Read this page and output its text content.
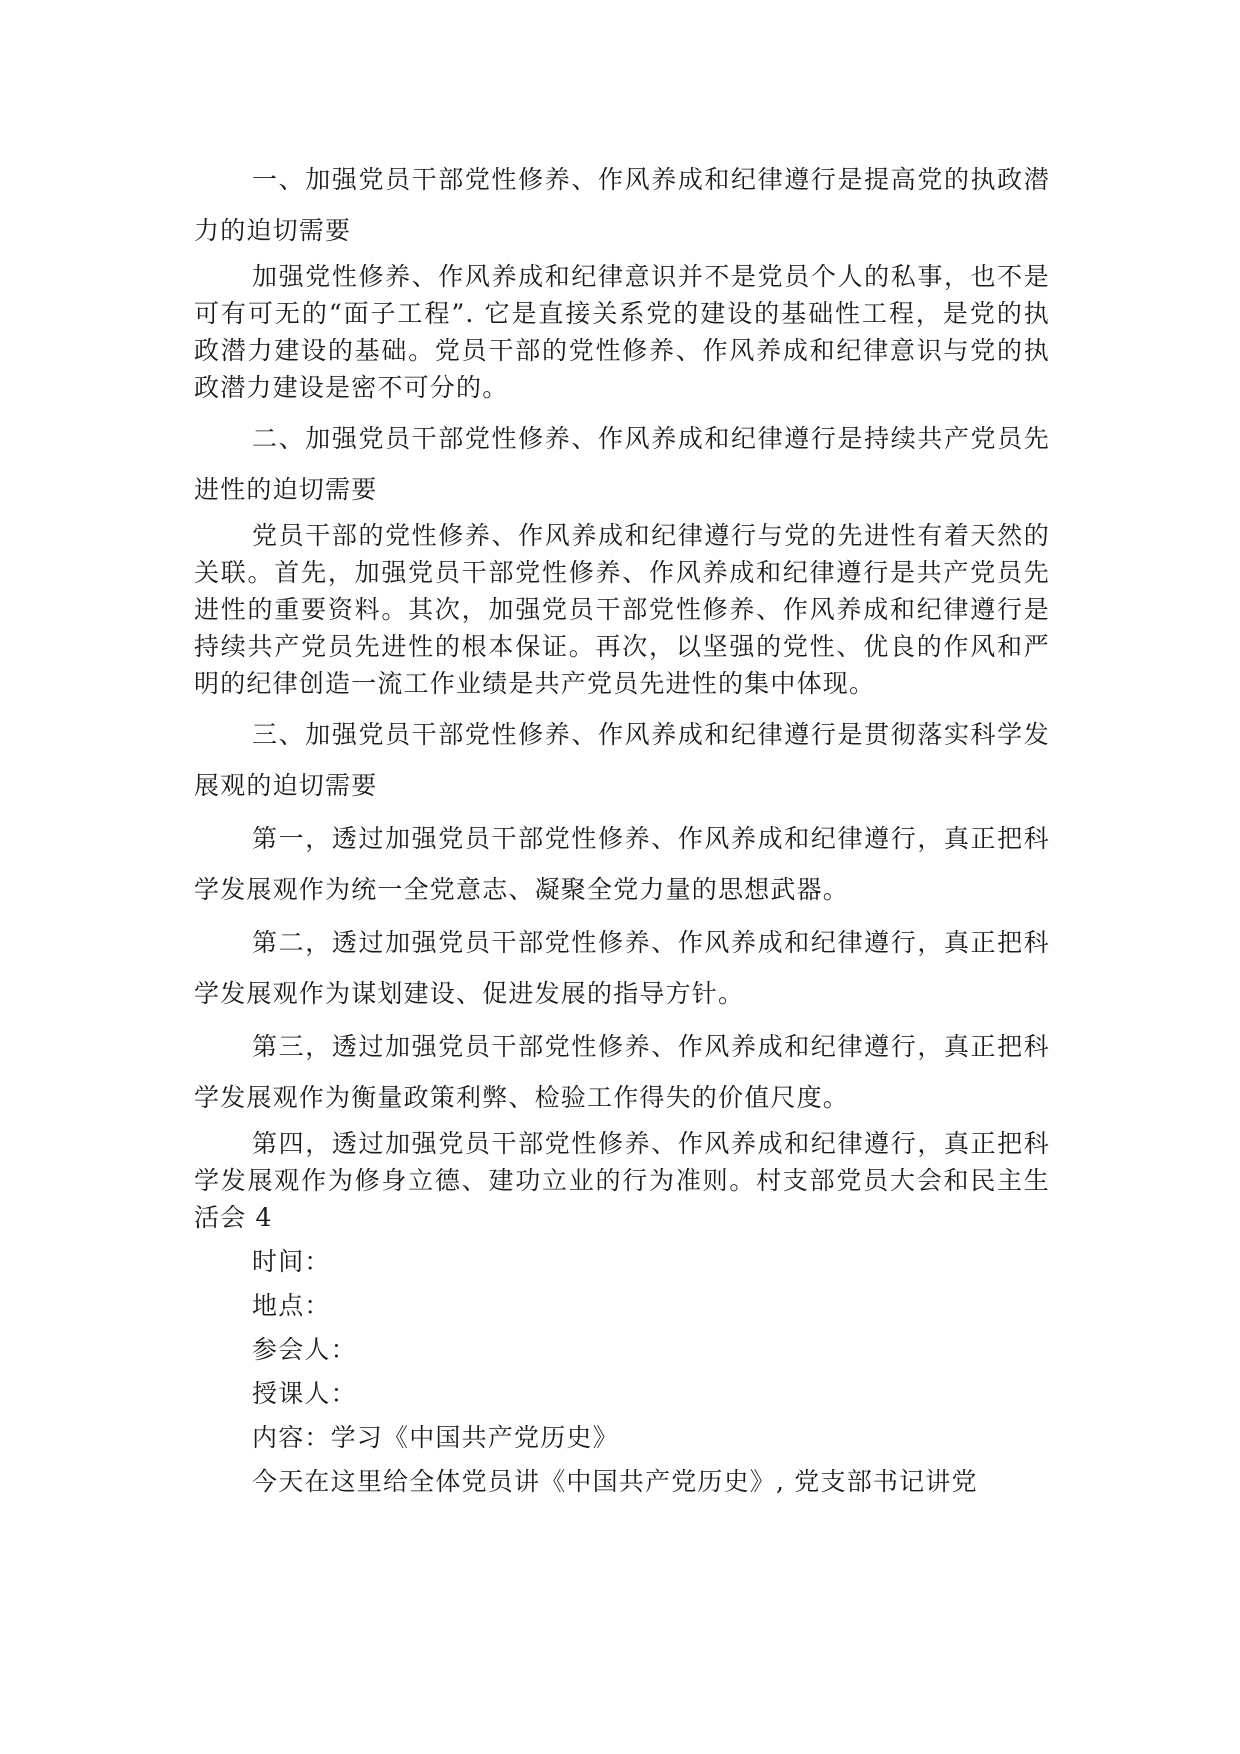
一、加强党员干部党性修养、作风养成和纪律遵行是提高党的执政潜力的迫切需要

加强党性修养、作风养成和纪律意识并不是党员个人的私事，也不是可有可无的“面子工程”. 它是直接关系党的建设的基础性工程，是党的执政潜力建设的基础。党员干部的党性修养、作风养成和纪律意识与党的执政潜力建设是密不可分的。

二、加强党员干部党性修养、作风养成和纪律遵行是持续共产党员先进性的迫切需要

党员干部的党性修养、作风养成和纪律遵行与党的先进性有着天然的关联。首先，加强党员干部党性修养、作风养成和纪律遵行是共产党员先进性的重要资料。其次，加强党员干部党性修养、作风养成和纪律遵行是持续共产党员先进性的根本保证。再次，以坚强的党性、优良的作风和严明的纪律创造一流工作业绩是共产党员先进性的集中体现。

三、加强党员干部党性修养、作风养成和纪律遵行是贯彻落实科学发展观的迫切需要

第一，透过加强党员干部党性修养、作风养成和纪律遵行，真正把科学发展观作为统一全党意志、凝聚全党力量的思想武器。

第二，透过加强党员干部党性修养、作风养成和纪律遵行，真正把科学发展观作为谋划建设、促进发展的指导方针。

第三，透过加强党员干部党性修养、作风养成和纪律遵行，真正把科学发展观作为衡量政策利弊、检验工作得失的价值尺度。

第四，透过加强党员干部党性修养、作风养成和纪律遵行，真正把科学发展观作为修身立德、建功立业的行为准则。村支部党员大会和民主生活会 4

时间：

地点：

参会人：

授课人：

内容：学习《中国共产党历史》

今天在这里给全体党员讲《中国共产党历史》, 党支部书记讲党
